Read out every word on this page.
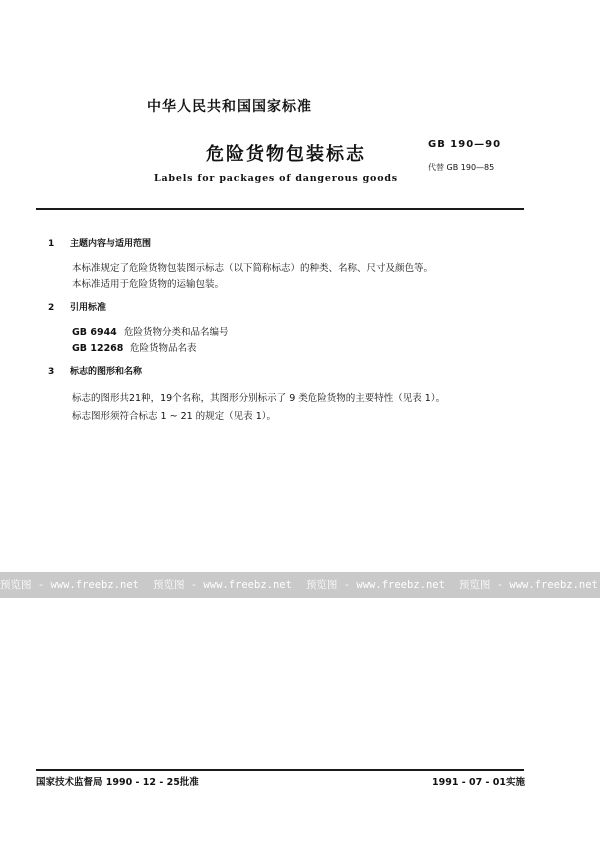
中华人民共和国国家标准
危险货物包装标志
Labels for packages of dangerous goods
GB 190—90
代替 GB 190—85
1 主题内容与适用范围
本标准规定了危险货物包装图示标志（以下简称标志）的种类、名称、尺寸及颜色等。
本标准适用于危险货物的运输包装。
2 引用标准
GB 6944 危险货物分类和品名编号
GB 12268 危险货物品名表
3 标志的图形和名称
标志的图形共21种，19个名称，其图形分别标示了 9 类危险货物的主要特性（见表 1）。
标志图形须符合标志 1 ~ 21 的规定（见表 1）。
预览图 - www.freebz.net 预览图 - www.freebz.net 预览图 - www.freebz.net 预览图 - www.freebz.net
国家技术监督局 1990 - 12 - 25批准	1991 - 07 - 01实施
